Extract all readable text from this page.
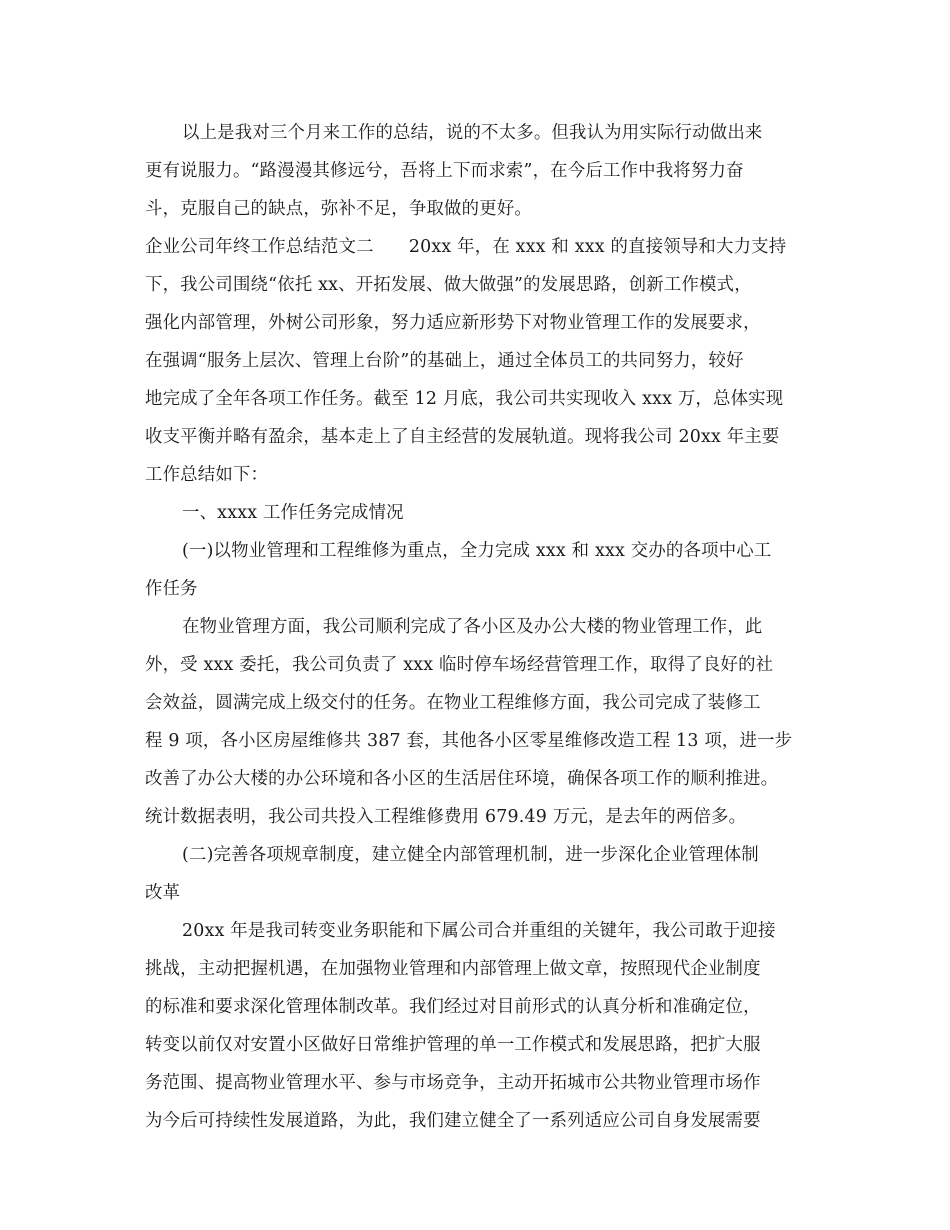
以上是我对三个月来工作的总结，说的不太多。但我认为用实际行动做出来
更有说服力。“路漫漫其修远兮，吾将上下而求索”，在今后工作中我将努力奋
斗，克服自己的缺点，弥补不足，争取做的更好。
企业公司年终工作总结范文二　　20xx 年，在 xxx 和 xxx 的直接领导和大力支持
下，我公司围绕“依托 xx、开拓发展、做大做强”的发展思路，创新工作模式，
强化内部管理，外树公司形象，努力适应新形势下对物业管理工作的发展要求，
在强调“服务上层次、管理上台阶”的基础上，通过全体员工的共同努力，较好
地完成了全年各项工作任务。截至 12 月底，我公司共实现收入 xxx 万，总体实现
收支平衡并略有盈余，基本走上了自主经营的发展轨道。现将我公司 20xx 年主要
工作总结如下：
一、xxxx 工作任务完成情况
(一)以物业管理和工程维修为重点，全力完成 xxx 和 xxx 交办的各项中心工
作任务
在物业管理方面，我公司顺利完成了各小区及办公大楼的物业管理工作，此
外，受 xxx 委托，我公司负责了 xxx 临时停车场经营管理工作，取得了良好的社
会效益，圆满完成上级交付的任务。在物业工程维修方面，我公司完成了装修工
程 9 项，各小区房屋维修共 387 套，其他各小区零星维修改造工程 13 项，进一步
改善了办公大楼的办公环境和各小区的生活居住环境，确保各项工作的顺利推进。
统计数据表明，我公司共投入工程维修费用 679.49 万元，是去年的两倍多。
(二)完善各项规章制度，建立健全内部管理机制，进一步深化企业管理体制
改革
20xx 年是我司转变业务职能和下属公司合并重组的关键年，我公司敢于迎接
挑战，主动把握机遇，在加强物业管理和内部管理上做文章，按照现代企业制度
的标准和要求深化管理体制改革。我们经过对目前形式的认真分析和准确定位，
转变以前仅对安置小区做好日常维护管理的单一工作模式和发展思路，把扩大服
务范围、提高物业管理水平、参与市场竞争，主动开拓城市公共物业管理市场作
为今后可持续性发展道路，为此，我们建立健全了一系列适应公司自身发展需要
